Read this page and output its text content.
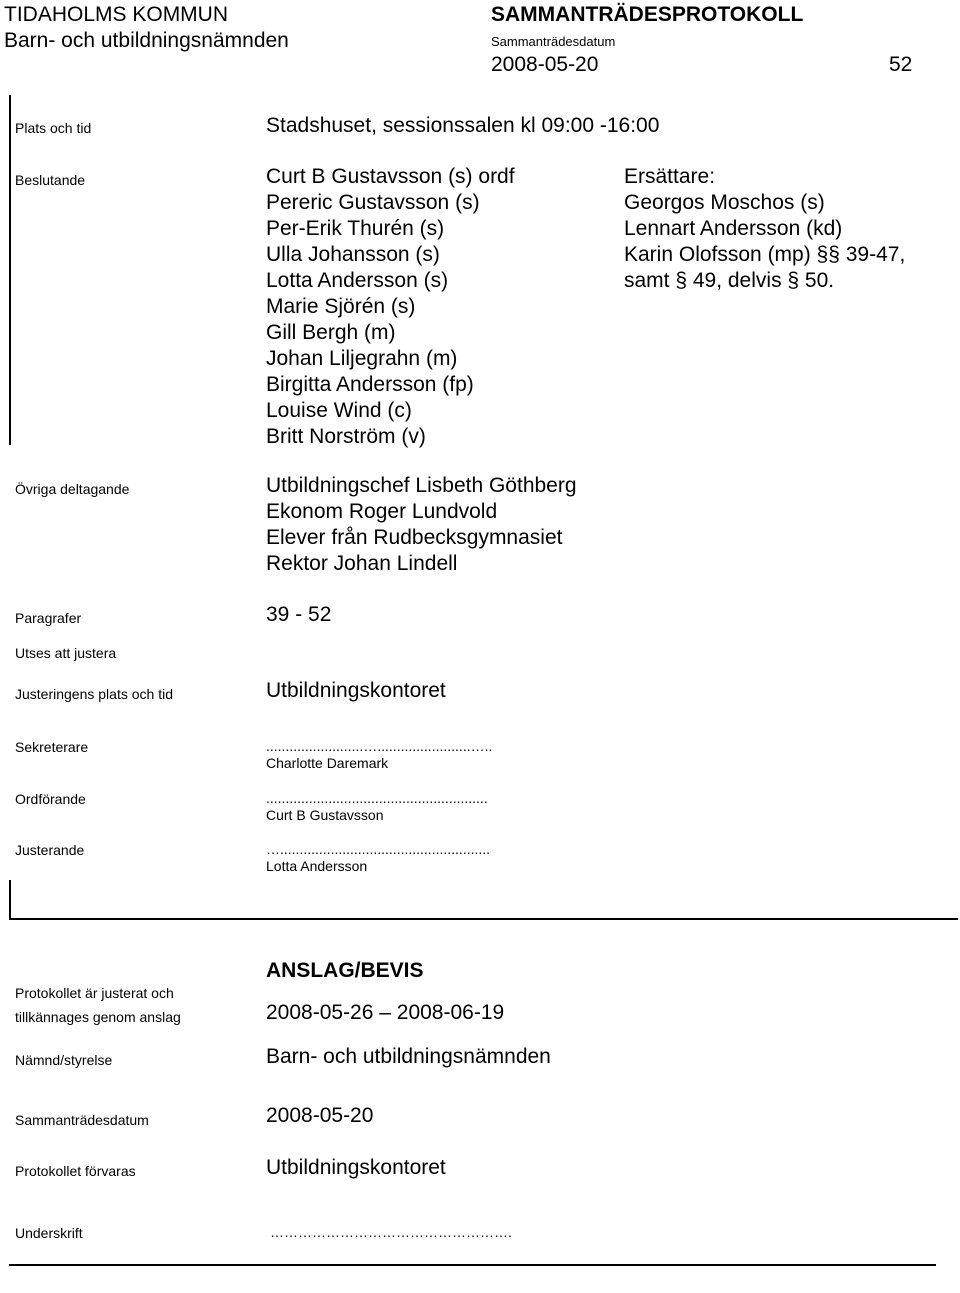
TIDAHOLMS KOMMUN
Barn- och utbildningsnämnden
SAMMANTRÄDESPROTOKOLL
Sammanträdesdatum
2008-05-20	52
Plats och tid	Stadshuset, sessionssalen kl 09:00 -16:00
Beslutande	Curt B Gustavsson (s) ordf
Pereric Gustavsson (s)
Per-Erik Thurén (s)
Ulla Johansson (s)
Lotta Andersson (s)
Marie Sjörén (s)
Gill Bergh (m)
Johan Liljegrahn (m)
Birgitta Andersson (fp)
Louise Wind (c)
Britt Norström (v)
Ersättare:
Georgos Moschos (s)
Lennart Andersson (kd)
Karin Olofsson (mp) §§ 39-47,
samt § 49, delvis § 50.
Övriga deltagande	Utbildningschef Lisbeth Göthberg
Ekonom Roger Lundvold
Elever från Rudbecksgymnasiet
Rektor Johan Lindell
Paragrafer	39 - 52
Utses att justera
Justeringens plats och tid	Utbildningskontoret
Sekreterare	.........................…........................…..
Charlotte Daremark
Ordförande	.........................................................
Curt B Gustavsson
Justerande	…......................................................
Lotta Andersson
ANSLAG/BEVIS
Protokollet är justerat och
tillkännages genom anslag	2008-05-26 – 2008-06-19
Nämnd/styrelse	Barn- och utbildningsnämnden
Sammanträdesdatum	2008-05-20
Protokollet förvaras	Utbildningskontoret
Underskrift	…………………………………………….
